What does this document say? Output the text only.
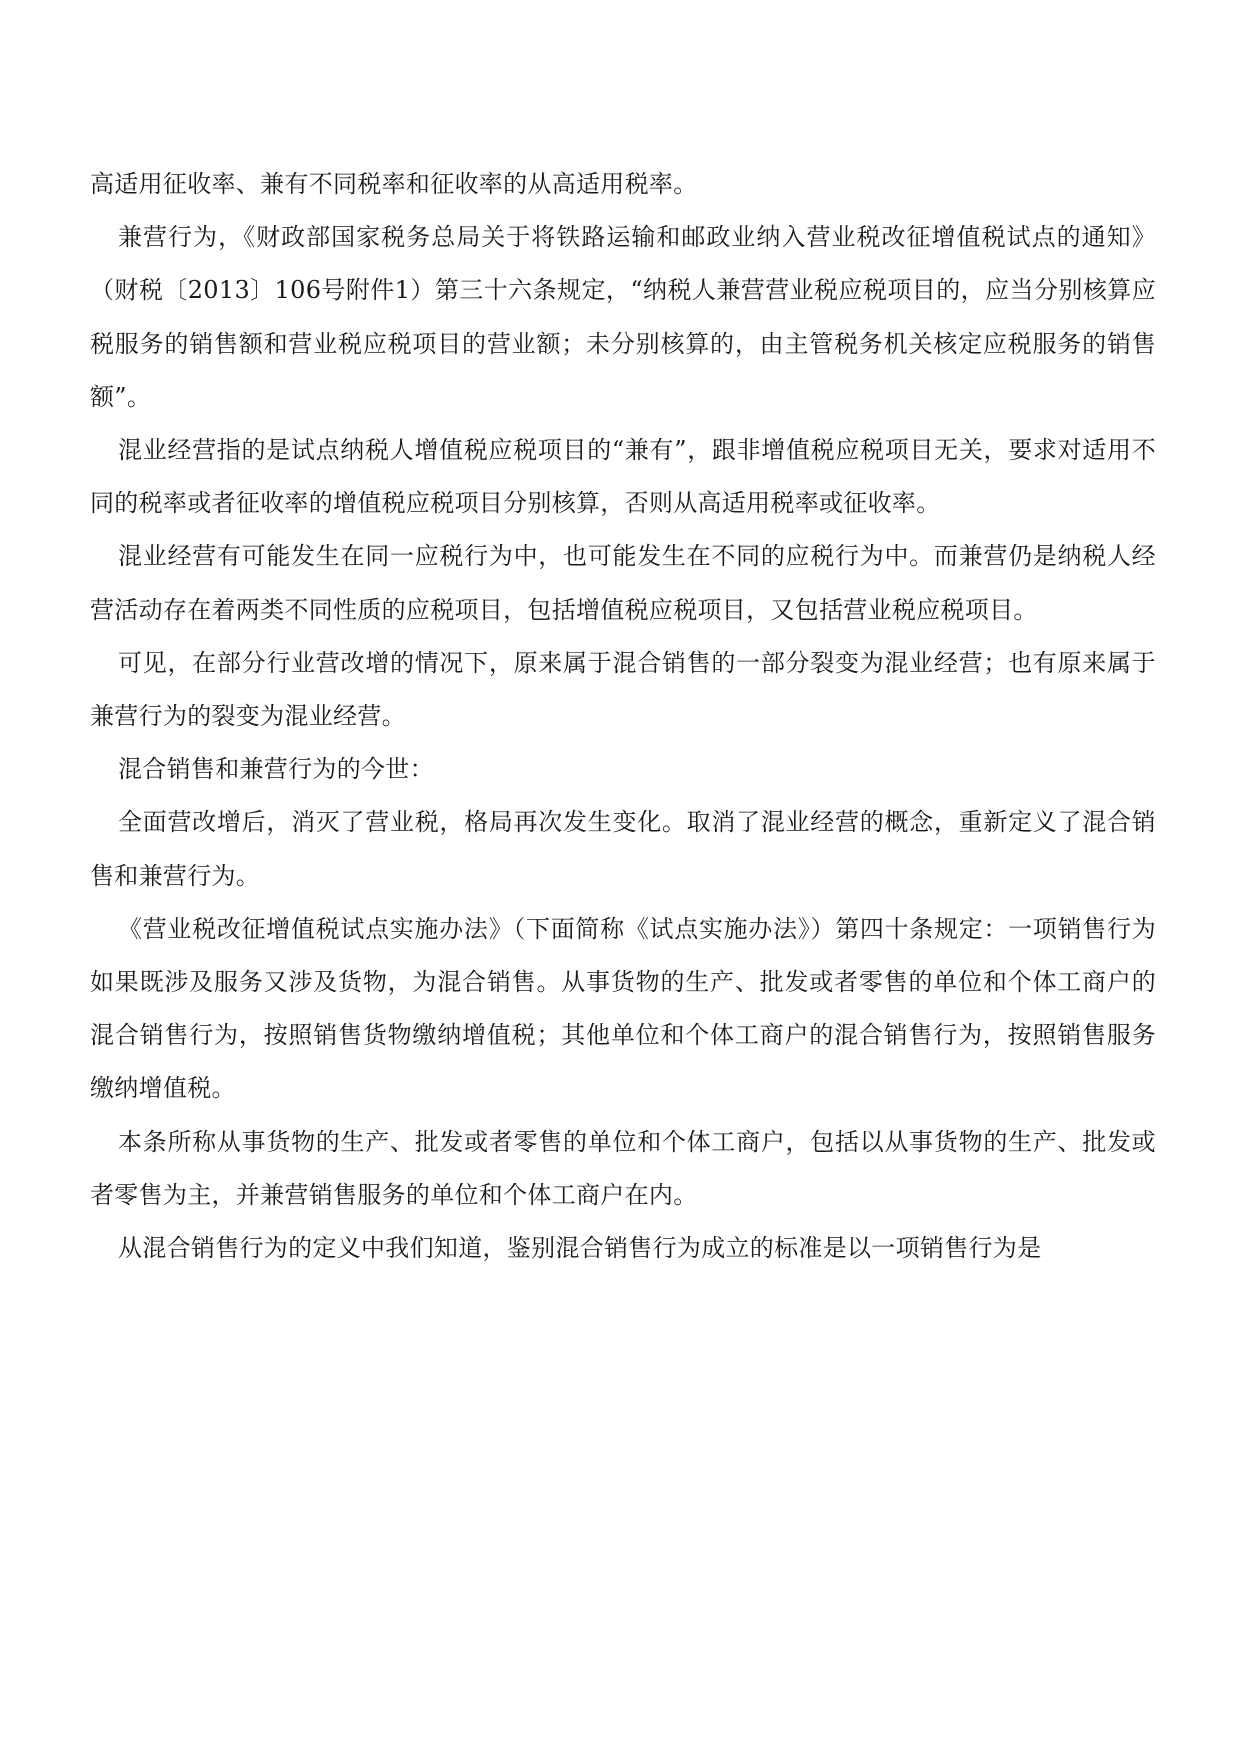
高适用征收率、兼有不同税率和征收率的从高适用税率。

兼营行为，《财政部国家税务总局关于将铁路运输和邮政业纳入营业税改征增值税试点的通知》（财税〔2013〕106号附件1）第三十六条规定，“纳税人兼营营业税应税项目的，应当分别核算应税服务的销售额和营业税应税项目的营业额；未分别核算的，由主管税务机关核定应税服务的销售额”。

混业经营指的是试点纳税人增值税应税项目的“兼有”，跟非增值税应税项目无关，要求对适用不同的税率或者征收率的增值税应税项目分别核算，否则从高适用税率或征收率。

混业经营有可能发生在同一应税行为中，也可能发生在不同的应税行为中。而兼营仍是纳税人经营活动存在着两类不同性质的应税项目，包括增值税应税项目，又包括营业税应税项目。

可见，在部分行业营改增的情况下，原来属于混合销售的一部分裂变为混业经营；也有原来属于兼营行为的裂变为混业经营。

混合销售和兼营行为的今世：

全面营改增后，消灭了营业税，格局再次发生变化。取消了混业经营的概念，重新定义了混合销售和兼营行为。

《营业税改征增值税试点实施办法》（下面简称《试点实施办法》）第四十条规定：一项销售行为如果既涉及服务又涉及货物，为混合销售。从事货物的生产、批发或者零售的单位和个体工商户的混合销售行为，按照销售货物缴纳增值税；其他单位和个体工商户的混合销售行为，按照销售服务缴纳增值税。

本条所称从事货物的生产、批发或者零售的单位和个体工商户，包括以从事货物的生产、批发或者零售为主，并兼营销售服务的单位和个体工商户在内。

从混合销售行为的定义中我们知道，鉴别混合销售行为成立的标准是以一项销售行为是
